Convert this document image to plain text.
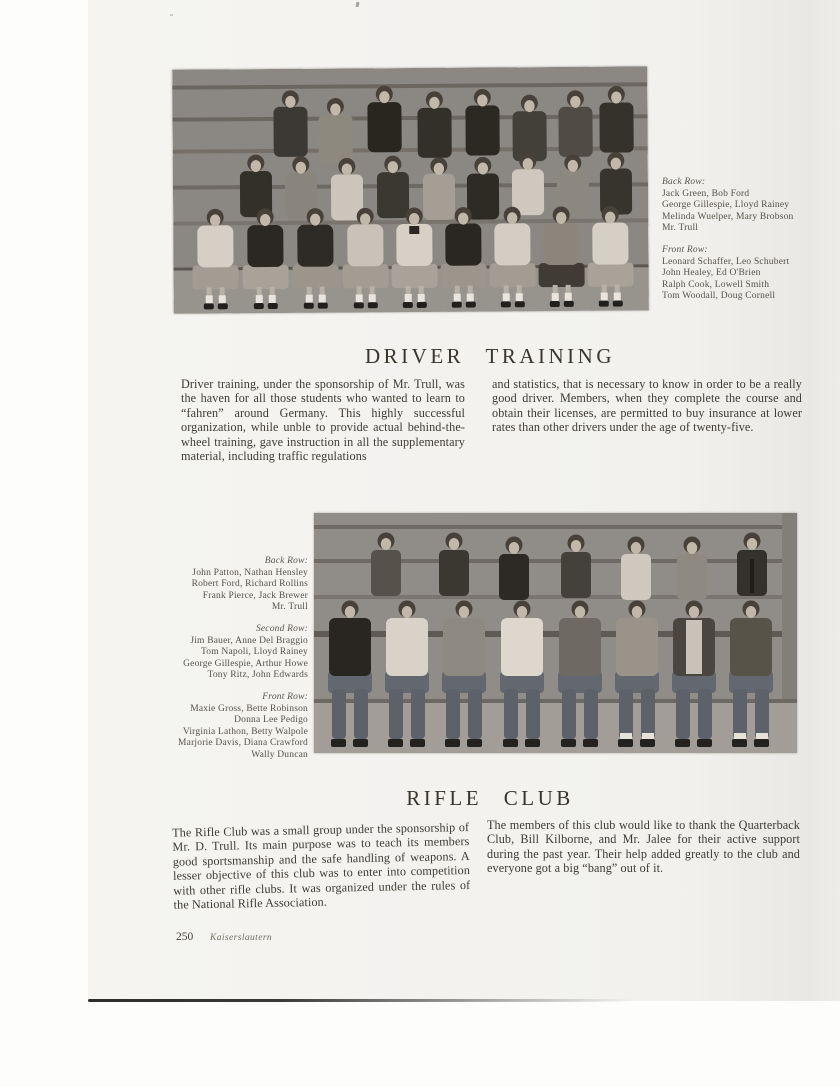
Back Row:
Jack Green, Bob Ford
George Gillespie, Lloyd Rainey
Melinda Wuelper, Mary Brobson
Mr. Trull
Front Row:
Leonard Schaffer, Leo Schubert
John Healey, Ed O'Brien
Ralph Cook, Lowell Smith
Tom Woodall, Doug Cornell
DRIVER TRAINING
Driver training, under the sponsorship of Mr. Trull, was the haven for all those students who wanted to learn to “fahren” around Germany. This highly successful organization, while unble to provide actual behind-the-wheel training, gave instruction in all the supplementary material, including traffic regulations
and statistics, that is necessary to know in order to be a really good driver. Members, when they complete the course and obtain their licenses, are permitted to buy insurance at lower rates than other drivers under the age of twenty-five.
Back Row:
John Patton, Nathan Hensley
Robert Ford, Richard Rollins
Frank Pierce, Jack Brewer
Mr. Trull
Second Row:
Jim Bauer, Anne Del Braggio
Tom Napoli, Lloyd Rainey
George Gillespie, Arthur Howe
Tony Ritz, John Edwards
Front Row:
Maxie Gross, Bette Robinson
Donna Lee Pedigo
Virginia Lathon, Betty Walpole
Marjorie Davis, Diana Crawford
Wally Duncan
RIFLE CLUB
The Rifle Club was a small group under the sponsorship of Mr. D. Trull. Its main purpose was to teach its members good sportsmanship and the safe handling of weapons. A lesser objective of this club was to enter into competition with other rifle clubs. It was organized under the rules of the National Rifle Association.
The members of this club would like to thank the Quarterback Club, Bill Kilborne, and Mr. Jalee for their active support during the past year. Their help added greatly to the club and everyone got a big “bang” out of it.
250 Kaiserslautern
